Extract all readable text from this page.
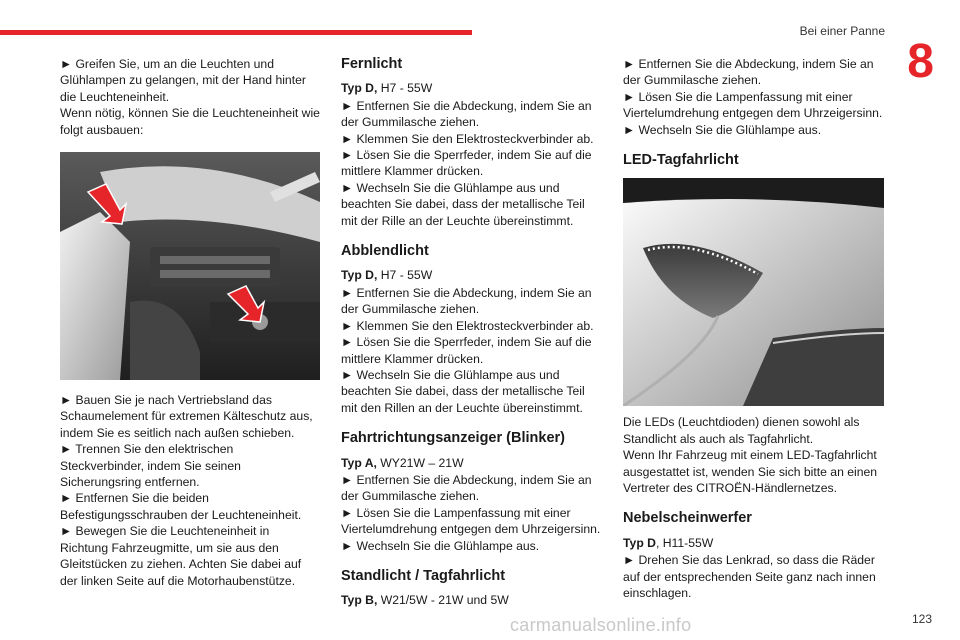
Bei einer Panne
8

► Greifen Sie, um an die Leuchten und Glühlampen zu gelangen, mit der Hand hinter die Leuchteneinheit.

Wenn nötig, können Sie die Leuchteneinheit wie folgt ausbauen:

► Bauen Sie je nach Vertriebsland das Schaumelement für extremen Kälteschutz aus, indem Sie es seitlich nach außen schieben.

► Trennen Sie den elektrischen Steckverbinder, indem Sie seinen Sicherungsring entfernen.

► Entfernen Sie die beiden Befestigungsschrauben der Leuchteneinheit.

► Bewegen Sie die Leuchteneinheit in Richtung Fahrzeugmitte, um sie aus den Gleitstücken zu ziehen. Achten Sie dabei auf der linken Seite auf die Motorhaubenstütze.

Fernlicht

Typ D, H7 - 55W

► Entfernen Sie die Abdeckung, indem Sie an der Gummilasche ziehen.

► Klemmen Sie den Elektrosteckverbinder ab.

► Lösen Sie die Sperrfeder, indem Sie auf die mittlere Klammer drücken.

► Wechseln Sie die Glühlampe aus und beachten Sie dabei, dass der metallische Teil mit der Rille an der Leuchte übereinstimmt.

Abblendlicht

Typ D, H7 - 55W

► Entfernen Sie die Abdeckung, indem Sie an der Gummilasche ziehen.

► Klemmen Sie den Elektrosteckverbinder ab.

► Lösen Sie die Sperrfeder, indem Sie auf die mittlere Klammer drücken.

► Wechseln Sie die Glühlampe aus und beachten Sie dabei, dass der metallische Teil mit den Rillen an der Leuchte übereinstimmt.

Fahrtrichtungsanzeiger (Blinker)

Typ A, WY21W – 21W

► Entfernen Sie die Abdeckung, indem Sie an der Gummilasche ziehen.

► Lösen Sie die Lampenfassung mit einer Viertelumdrehung entgegen dem Uhrzeigersinn.

► Wechseln Sie die Glühlampe aus.

Standlicht / Tagfahrlicht

Typ B, W21/5W - 21W und 5W

► Entfernen Sie die Abdeckung, indem Sie an der Gummilasche ziehen.

► Lösen Sie die Lampenfassung mit einer Viertelumdrehung entgegen dem Uhrzeigersinn.

► Wechseln Sie die Glühlampe aus.

LED-Tagfahrlicht

Die LEDs (Leuchtdioden) dienen sowohl als Standlicht als auch als Tagfahrlicht.

Wenn Ihr Fahrzeug mit einem LED-Tagfahrlicht ausgestattet ist, wenden Sie sich bitte an einen Vertreter des CITROËN-Händlernetzes.

Nebelscheinwerfer

Typ D, H11-55W

► Drehen Sie das Lenkrad, so dass die Räder auf der entsprechenden Seite ganz nach innen einschlagen.

carmanualsonline.info	123
